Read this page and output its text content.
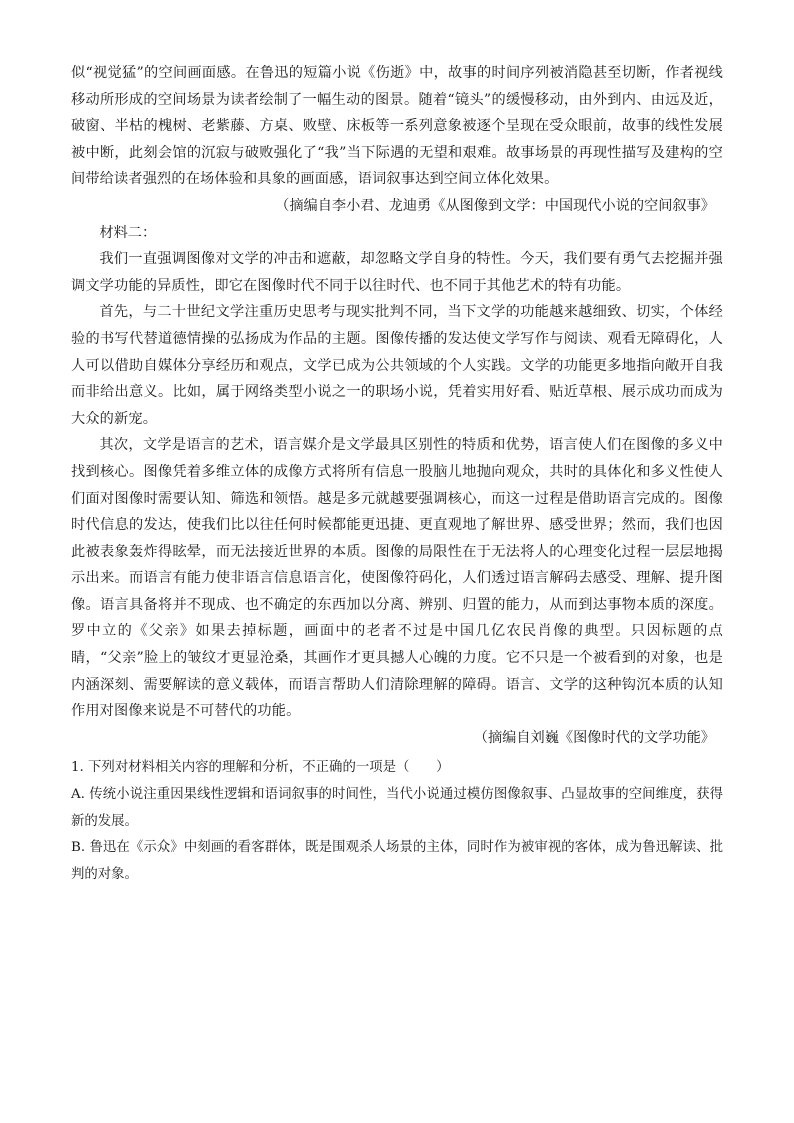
似“视觉猛”的空间画面感。在鲁迅的短篇小说《伤逝》中，故事的时间序列被消隐甚至切断，作者视线移动所形成的空间场景为读者绘制了一幅生动的图景。随着“镜头”的缓慢移动，由外到内、由远及近，破窗、半枯的槐树、老紫藤、方桌、败壁、床板等一系列意象被逐个呈现在受众眼前，故事的线性发展被中断，此刻会馆的沉寂与破败强化了“我”当下际遇的无望和艰难。故事场景的再现性描写及建构的空间带给读者强烈的在场体验和具象的画面感，语词叙事达到空间立体化效果。

（摘编自李小君、龙迪勇《从图像到文学：中国现代小说的空间叙事》

材料二：

我们一直强调图像对文学的冲击和遮蔽，却忽略文学自身的特性。今天，我们要有勇气去挖掘并强调文学功能的异质性，即它在图像时代不同于以往时代、也不同于其他艺术的特有功能。

首先，与二十世纪文学注重历史思考与现实批判不同，当下文学的功能越来越细致、切实，个体经验的书写代替道德情操的弘扬成为作品的主题。图像传播的发达使文学写作与阅读、观看无障碍化，人人可以借助自媒体分享经历和观点，文学已成为公共领域的个人实践。文学的功能更多地指向敞开自我而非给出意义。比如，属于网络类型小说之一的职场小说，凭着实用好看、贴近草根、展示成功而成为大众的新宠。

其次，文学是语言的艺术，语言媒介是文学最具区别性的特质和优势，语言使人们在图像的多义中找到核心。图像凭着多维立体的成像方式将所有信息一股脑儿地抛向观众，共时的具体化和多义性使人们面对图像时需要认知、筛选和领悟。越是多元就越要强调核心，而这一过程是借助语言完成的。图像时代信息的发达，使我们比以往任何时候都能更迅捷、更直观地了解世界、感受世界；然而，我们也因此被表象轰炸得眩晕，而无法接近世界的本质。图像的局限性在于无法将人的心理变化过程一层层地揭示出来。而语言有能力使非语言信息语言化，使图像符码化，人们透过语言解码去感受、理解、提升图像。语言具备将并不现成、也不确定的东西加以分离、辨别、归置的能力，从而到达事物本质的深度。罗中立的《父亲》如果去掉标题，画面中的老者不过是中国几亿农民肖像的典型。只因标题的点睛，“父亲”脸上的皱纹才更显沧桑，其画作才更具撼人心魄的力度。它不只是一个被看到的对象，也是内涵深刻、需要解读的意义载体，而语言帮助人们清除理解的障碍。语言、文学的这种钩沉本质的认知作用对图像来说是不可替代的功能。

（摘编自刘巍《图像时代的文学功能》

1. 下列对材料相关内容的理解和分析，不正确的一项是（　　）

A. 传统小说注重因果线性逻辑和语词叙事的时间性，当代小说通过模仿图像叙事、凸显故事的空间维度，获得新的发展。

B. 鲁迅在《示众》中刻画的看客群体，既是围观杀人场景的主体，同时作为被审视的客体，成为鲁迅解读、批判的对象。
